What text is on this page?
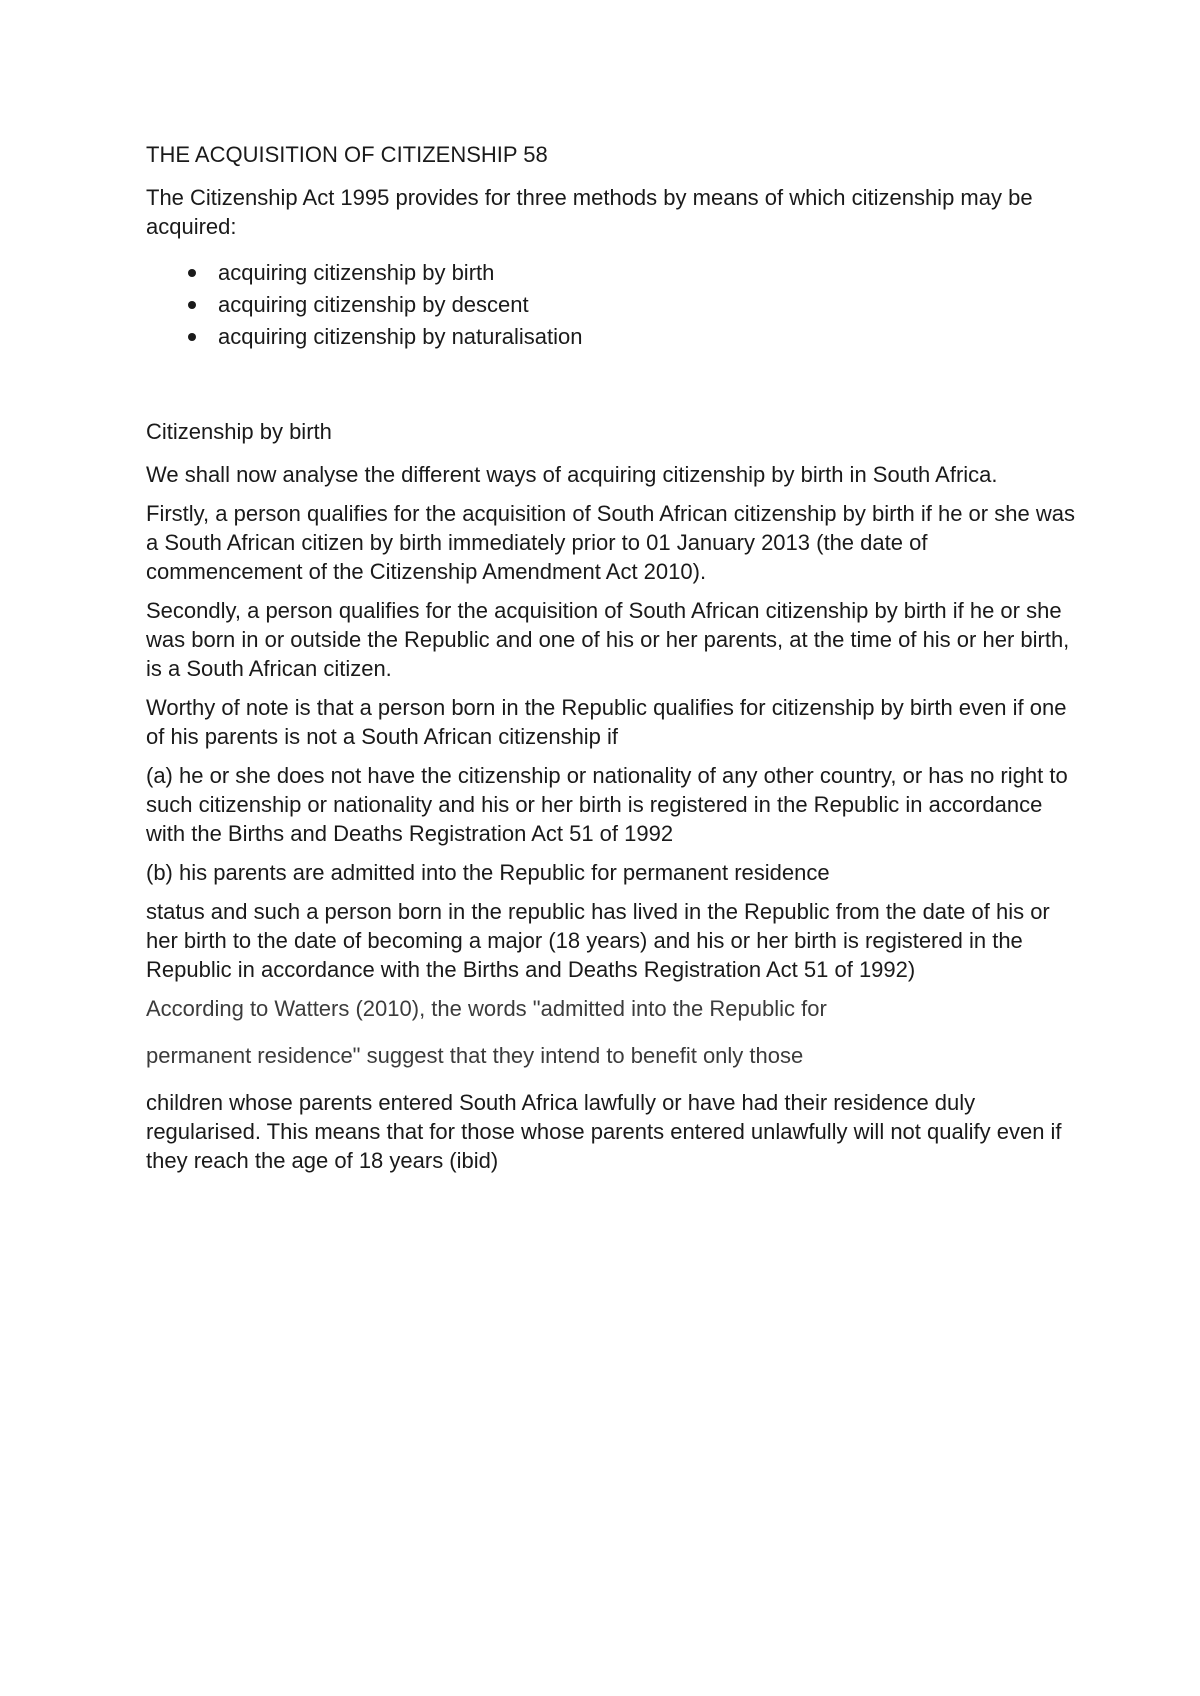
THE ACQUISITION OF CITIZENSHIP 58

The Citizenship Act 1995 provides for three methods by means of which citizenship may be acquired:

acquiring citizenship by birth
acquiring citizenship by descent
acquiring citizenship by naturalisation

Citizenship by birth

We shall now analyse the different ways of acquiring citizenship by birth in South Africa.

Firstly, a person qualifies for the acquisition of South African citizenship by birth if he or she was a South African citizen by birth immediately prior to 01 January 2013 (the date of commencement of the Citizenship Amendment Act 2010).

Secondly, a person qualifies for the acquisition of South African citizenship by birth if he or she was born in or outside the Republic and one of his or her parents, at the time of his or her birth, is a South African citizen.

Worthy of note is that a person born in the Republic qualifies for citizenship by birth even if one of his parents is not a South African citizenship if

(a) he or she does not have the citizenship or nationality of any other country, or has no right to such citizenship or nationality and his or her birth is registered in the Republic in accordance with the Births and Deaths Registration Act 51 of 1992

(b) his parents are admitted into the Republic for permanent residence

status and such a person born in the republic has lived in the Republic from the date of his or her birth to the date of becoming a major (18 years) and his or her birth is registered in the Republic in accordance with the Births and Deaths Registration Act 51 of 1992)

According to Watters (2010), the words "admitted into the Republic for

permanent residence" suggest that they intend to benefit only those

children whose parents entered South Africa lawfully or have had their residence duly regularised. This means that for those whose parents entered unlawfully will not qualify even if they reach the age of 18 years (ibid)
